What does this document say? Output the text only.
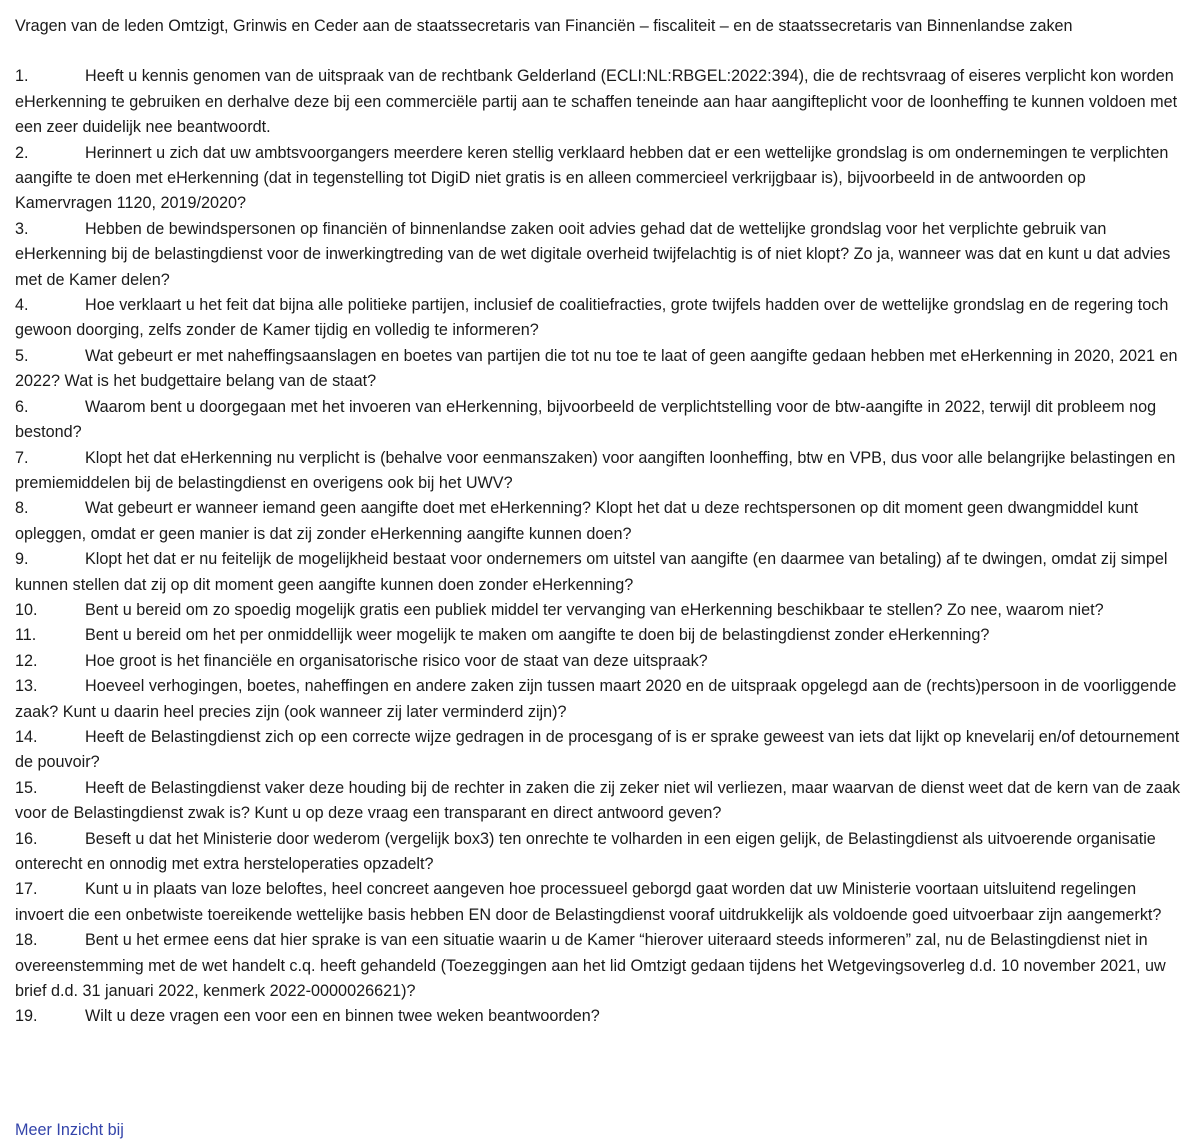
Vragen van de leden Omtzigt, Grinwis en Ceder aan de staatssecretaris van Financiën – fiscaliteit – en de staatssecretaris van Binnenlandse zaken

1.	Heeft u kennis genomen van de uitspraak van de rechtbank Gelderland (ECLI:NL:RBGEL:2022:394), die de rechtsvraag of eiseres verplicht kon worden eHerkenning te gebruiken en derhalve deze bij een commerciële partij aan te schaffen teneinde aan haar aangifteplicht voor de loonheffing te kunnen voldoen met een zeer duidelijk nee beantwoordt.
2.	Herinnert u zich dat uw ambtsvoorgangers meerdere keren stellig verklaard hebben dat er een wettelijke grondslag is om ondernemingen te verplichten aangifte te doen met eHerkenning (dat in tegenstelling tot DigiD niet gratis is en alleen commercieel verkrijgbaar is), bijvoorbeeld in de antwoorden op Kamervragen 1120, 2019/2020?
3.	Hebben de bewindspersonen op financiën of binnenlandse zaken ooit advies gehad dat de wettelijke grondslag voor het verplichte gebruik van eHerkenning bij de belastingdienst voor de inwerkingtreding van de wet digitale overheid twijfelachtig is of niet klopt? Zo ja, wanneer was dat en kunt u dat advies met de Kamer delen?
4.	Hoe verklaart u het feit dat bijna alle politieke partijen, inclusief de coalitiefracties, grote twijfels hadden over de wettelijke grondslag en de regering toch gewoon doorging, zelfs zonder de Kamer tijdig en volledig te informeren?
5.	Wat gebeurt er met naheffingsaanslagen en boetes van partijen die tot nu toe te laat of geen aangifte gedaan hebben met eHerkenning in 2020, 2021 en 2022? Wat is het budgettaire belang van de staat?
6.	Waarom bent u doorgegaan met het invoeren van eHerkenning, bijvoorbeeld de verplichtstelling voor de btw-aangifte in 2022, terwijl dit probleem nog bestond?
7.	Klopt het dat eHerkenning nu verplicht is (behalve voor eenmanszaken) voor aangiften loonheffing, btw en VPB, dus voor alle belangrijke belastingen en premiemiddelen bij de belastingdienst en overigens ook bij het UWV?
8.	Wat gebeurt er wanneer iemand geen aangifte doet met eHerkenning? Klopt het dat u deze rechtspersonen op dit moment geen dwangmiddel kunt opleggen, omdat er geen manier is dat zij zonder eHerkenning aangifte kunnen doen?
9.	Klopt het dat er nu feitelijk de mogelijkheid bestaat voor ondernemers om uitstel van aangifte (en daarmee van betaling) af te dwingen, omdat zij simpel kunnen stellen dat zij op dit moment geen aangifte kunnen doen zonder eHerkenning?
10.	Bent u bereid om zo spoedig mogelijk gratis een publiek middel ter vervanging van eHerkenning beschikbaar te stellen? Zo nee, waarom niet?
11.	Bent u bereid om het per onmiddellijk weer mogelijk te maken om aangifte te doen bij de belastingdienst zonder eHerkenning?
12.	Hoe groot is het financiële en organisatorische risico voor de staat van deze uitspraak?
13.	Hoeveel verhogingen, boetes, naheffingen en andere zaken zijn tussen maart 2020 en de uitspraak opgelegd aan de (rechts)persoon in de voorliggende zaak? Kunt u daarin heel precies zijn (ook wanneer zij later verminderd zijn)?
14.	Heeft de Belastingdienst zich op een correcte wijze gedragen in de procesgang of is er sprake geweest van iets dat lijkt op knevelarij en/of detournement de pouvoir?
15.	Heeft de Belastingdienst vaker deze houding bij de rechter in zaken die zij zeker niet wil verliezen, maar waarvan de dienst weet dat de kern van de zaak voor de Belastingdienst zwak is? Kunt u op deze vraag een transparant en direct antwoord geven?
16.	Beseft u dat het Ministerie door wederom (vergelijk box3) ten onrechte te volharden in een eigen gelijk, de Belastingdienst als uitvoerende organisatie onterecht en onnodig met extra hersteloperaties opzadelt?
17.	Kunt u in plaats van loze beloftes, heel concreet aangeven hoe processueel geborgd gaat worden dat uw Ministerie voortaan uitsluitend regelingen invoert die een onbetwiste toereikende wettelijke basis hebben EN door de Belastingdienst vooraf uitdrukkelijk als voldoende goed uitvoerbaar zijn aangemerkt?
18.	Bent u het ermee eens dat hier sprake is van een situatie waarin u de Kamer “hierover uiteraard steeds informeren” zal, nu de Belastingdienst niet in overeenstemming met de wet handelt c.q. heeft gehandeld (Toezeggingen aan het lid Omtzigt gedaan tijdens het Wetgevingsoverleg d.d. 10 november 2021, uw brief d.d. 31 januari 2022, kenmerk 2022-0000026621)?
19.	Wilt u deze vragen een voor een en binnen twee weken beantwoorden?
Meer Inzicht bij
